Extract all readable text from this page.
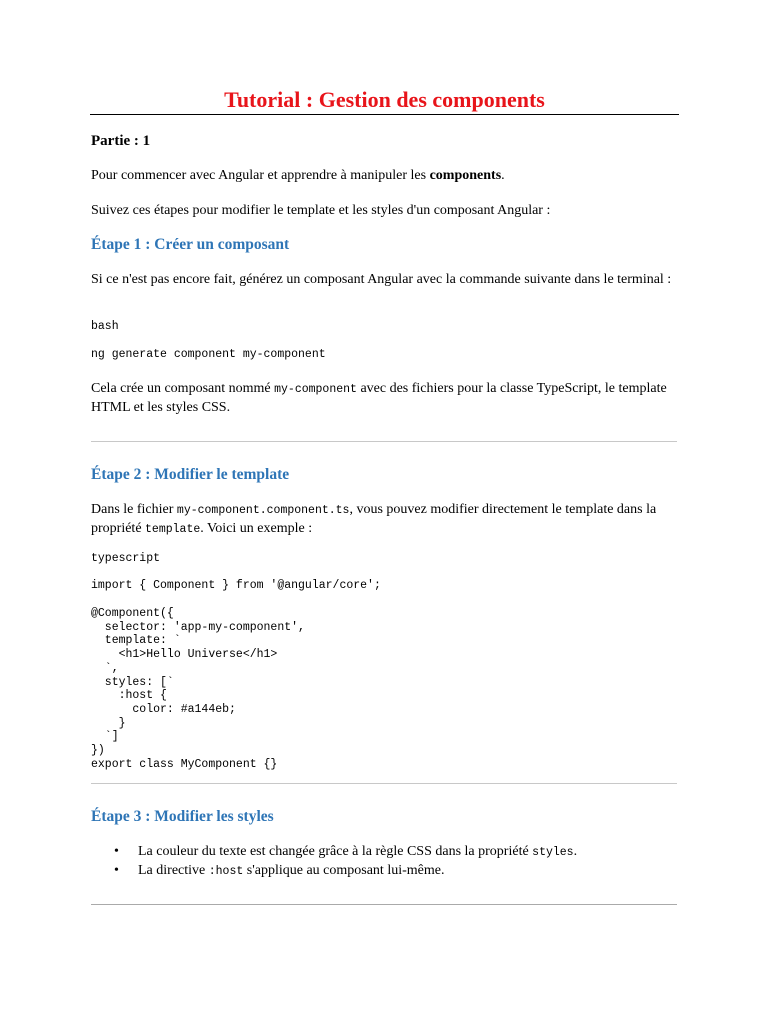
Tutorial : Gestion des components
Partie : 1

Pour commencer avec Angular et apprendre à manipuler les components.

Suivez ces étapes pour modifier le template et les styles d'un composant Angular :

Étape 1 : Créer un composant

Si ce n'est pas encore fait, générez un composant Angular avec la commande suivante dans le terminal :

bash
ng generate component my-component

Cela crée un composant nommé my-component avec des fichiers pour la classe TypeScript, le template HTML et les styles CSS.

Étape 2 : Modifier le template

Dans le fichier my-component.component.ts, vous pouvez modifier directement le template dans la propriété template. Voici un exemple :

typescript
import { Component } from '@angular/core';
@Component({
selector: 'app-my-component',
template: `
<h1>Hello Universe</h1>
`,
styles: [`
:host {
color: #a144eb;
}
`]
})
export class MyComponent {}
Étape 3 : Modifier les styles
• La couleur du texte est changée grâce à la règle CSS dans la propriété styles.
• La directive :host s'applique au composant lui-même.
